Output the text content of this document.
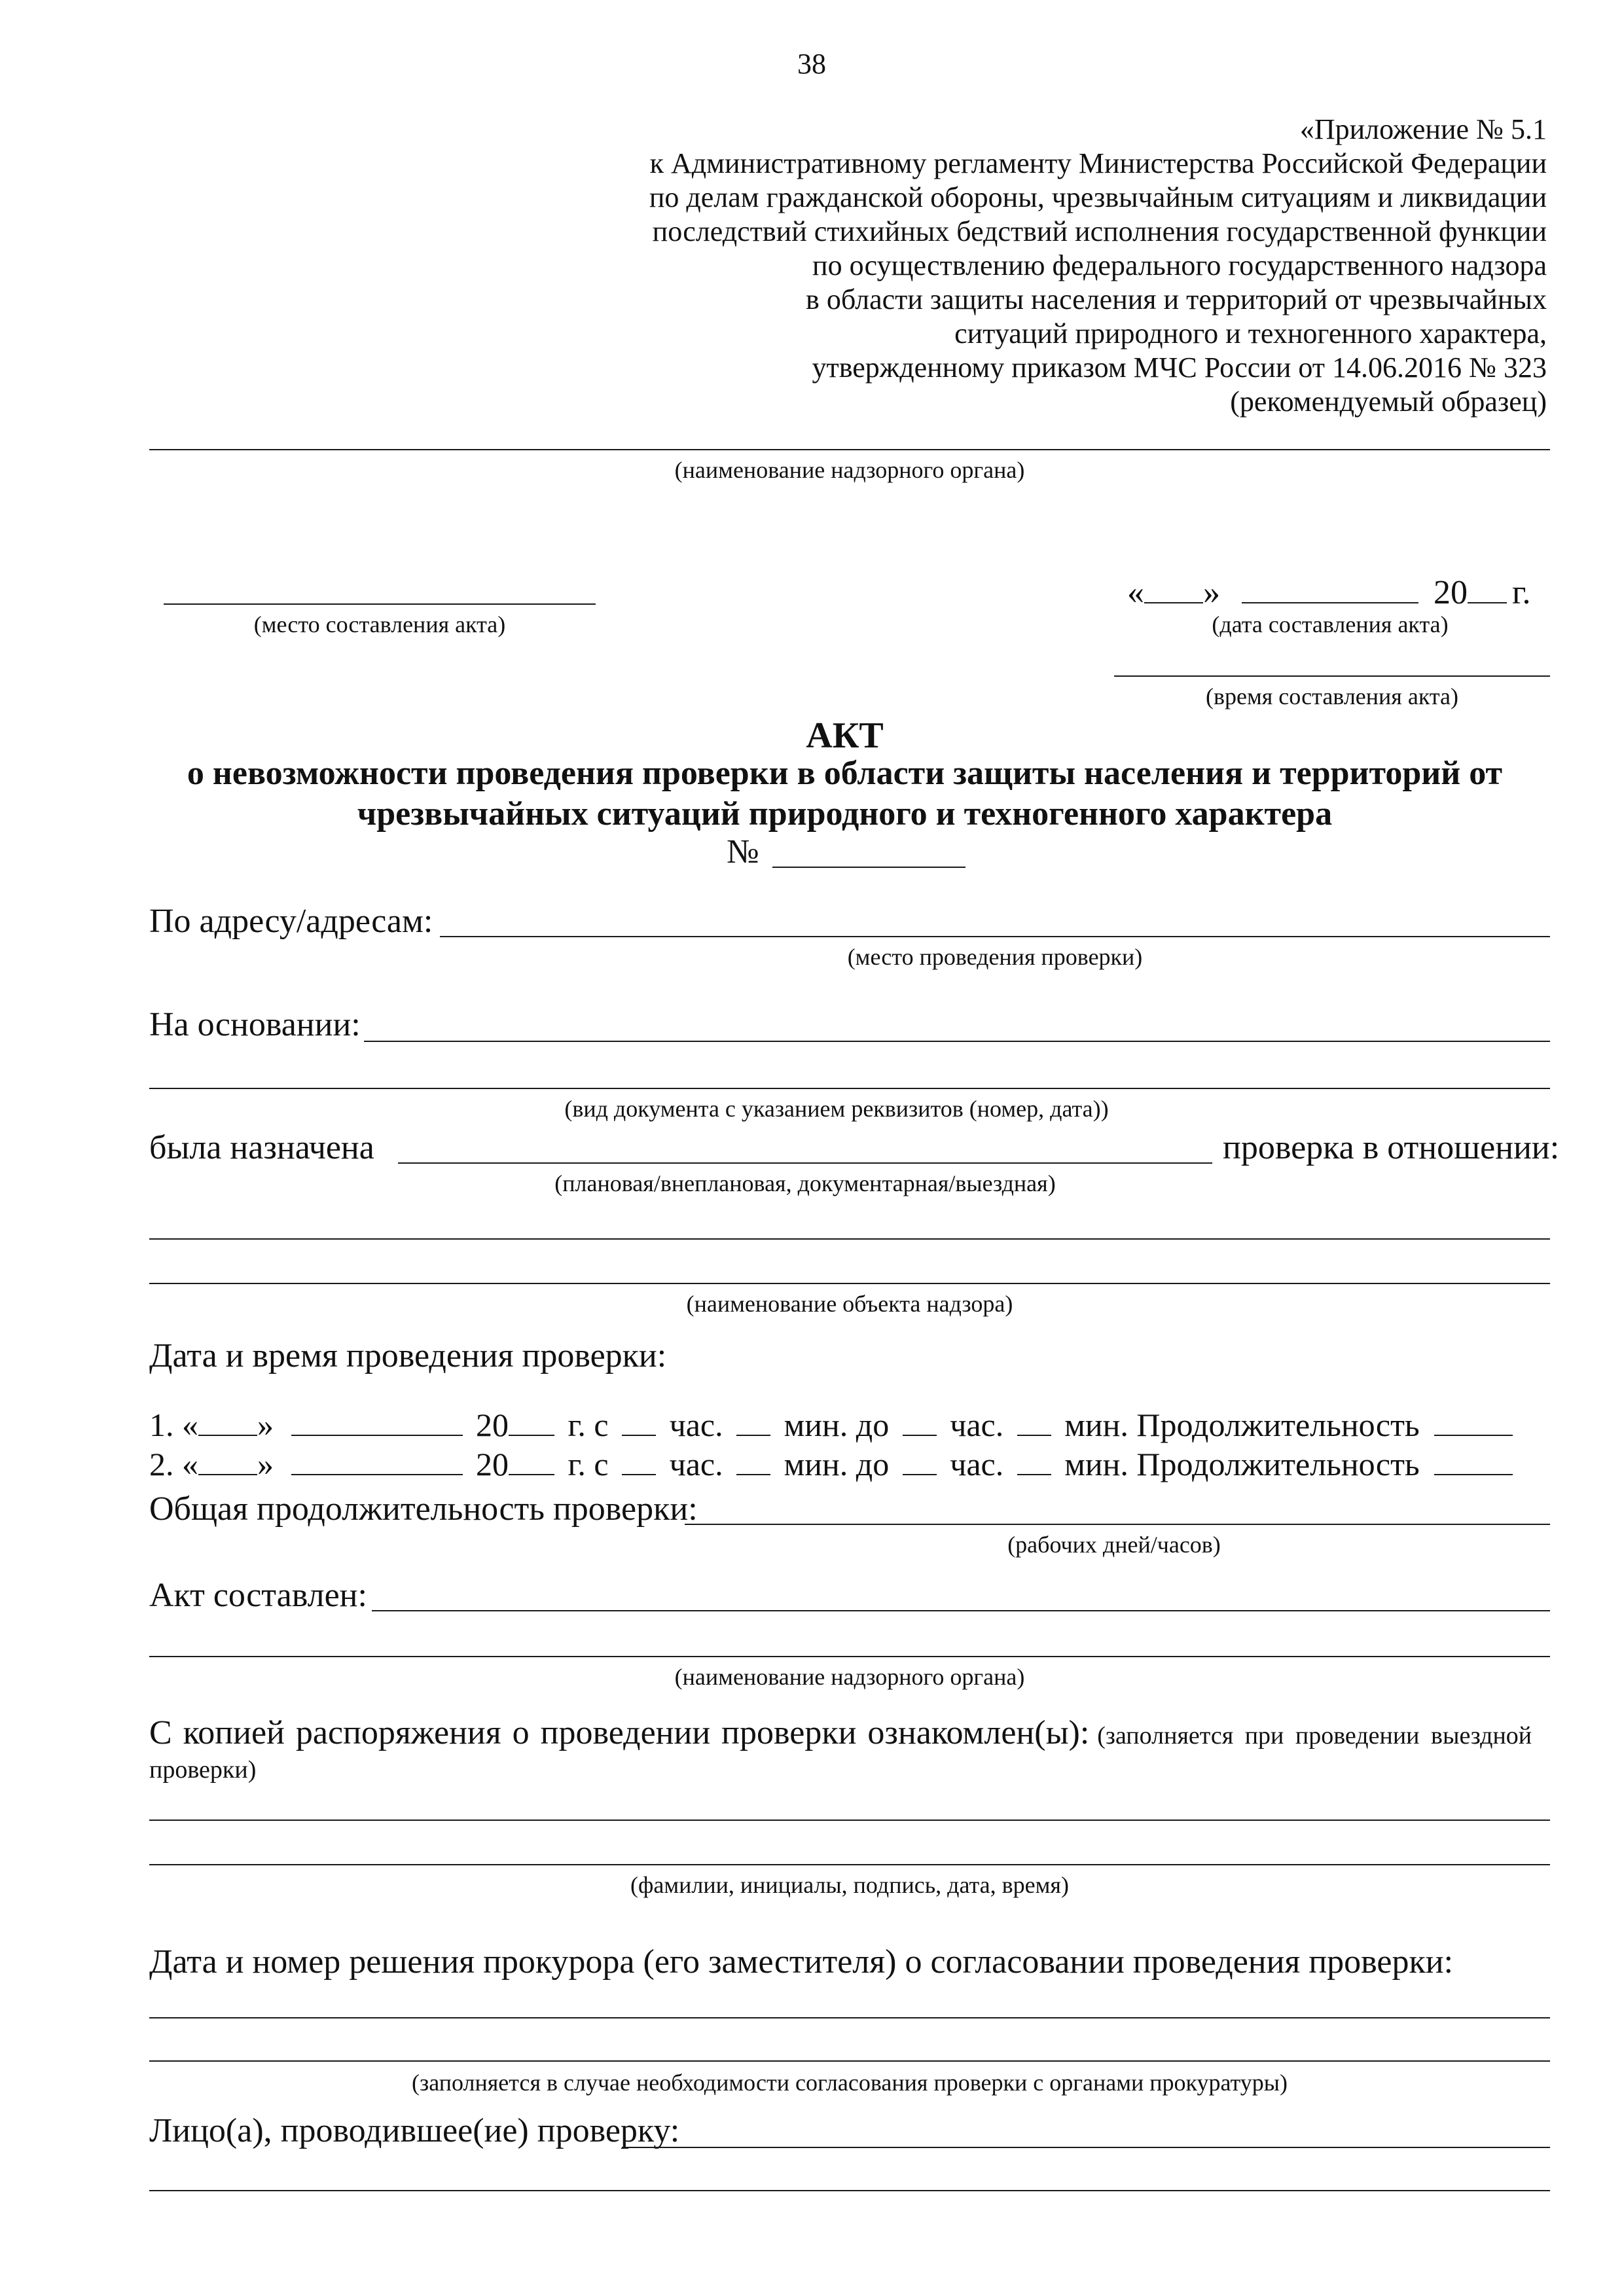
38
«Приложение № 5.1
к Административному регламенту Министерства Российской Федерации
по делам гражданской обороны, чрезвычайным ситуациям и ликвидации
последствий стихийных бедствий исполнения государственной функции
по осуществлению федерального государственного надзора
в области защиты населения и территорий от чрезвычайных
ситуаций природного и техногенного характера,
утвержденному приказом МЧС России от 14.06.2016 № 323
(рекомендуемый образец)
(наименование надзорного органа)
(место составления акта)
« »	20 г.
(дата составления акта)
(время составления акта)
АКТ
о невозможности проведения проверки в области защиты населения и территорий от
чрезвычайных ситуаций природного и техногенного характера
№
По адресу/адресам:
(место проведения проверки)
На основании:
(вид документа с указанием реквизитов (номер, дата))
была назначена	проверка в отношении:
(плановая/внеплановая, документарная/выездная)
(наименование объекта надзора)
Дата и время проведения проверки:
1. « »	20 г. с час. мин. до час. мин. Продолжительность
2. « »	20 г. с час. мин. до час. мин. Продолжительность
Общая продолжительность проверки:
(рабочих дней/часов)
Акт составлен:
(наименование надзорного органа)
С копией распоряжения о проведении проверки ознакомлен(ы): (заполняется при проведении выездной
проверки)
(фамилии, инициалы, подпись, дата, время)
Дата и номер решения прокурора (его заместителя) о согласовании проведения проверки:
(заполняется в случае необходимости согласования проверки с органами прокуратуры)
Лицо(а), проводившее(ие) проверку:
